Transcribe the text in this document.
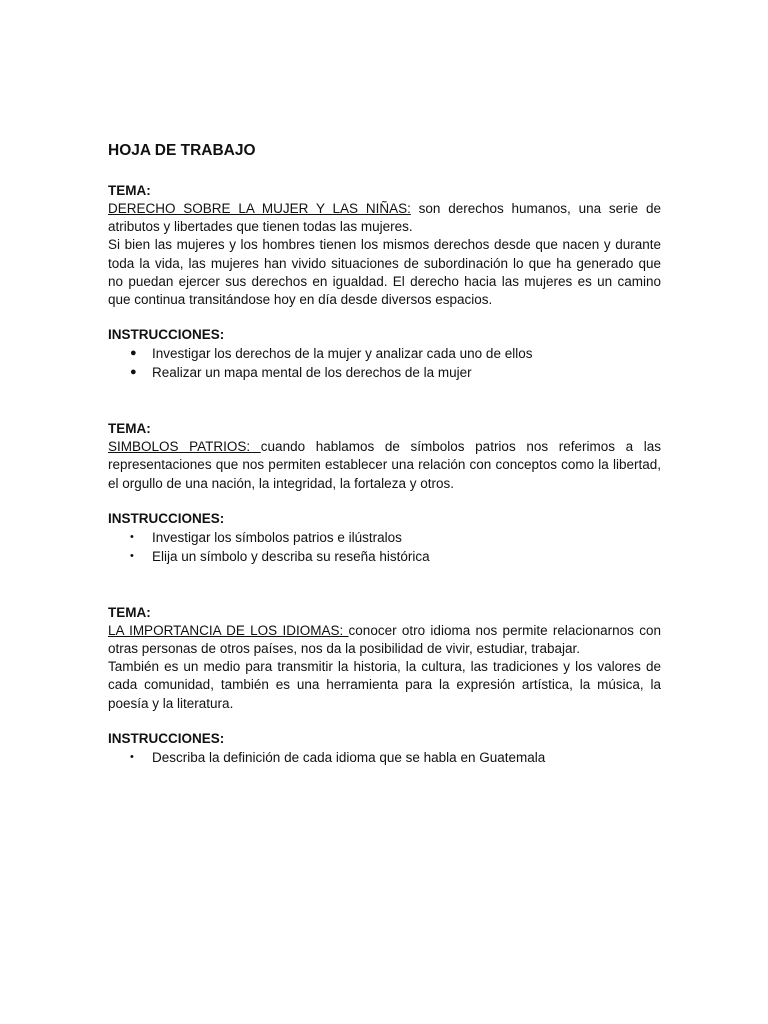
HOJA DE TRABAJO
TEMA:

DERECHO SOBRE LA MUJER Y LAS NIÑAS: son derechos humanos, una serie de atributos y libertades que tienen todas las mujeres.

Si bien las mujeres y los hombres tienen los mismos derechos desde que nacen y durante toda la vida, las mujeres han vivido situaciones de subordinación lo que ha generado que no puedan ejercer sus derechos en igualdad. El derecho hacia las mujeres es un camino que continua transitándose hoy en día desde diversos espacios.

INSTRUCCIONES:
● Investigar los derechos de la mujer y analizar cada uno de ellos
● Realizar un mapa mental de los derechos de la mujer
TEMA:

SIMBOLOS PATRIOS: cuando hablamos de símbolos patrios nos referimos a las representaciones que nos permiten establecer una relación con conceptos como la libertad, el orgullo de una nación, la integridad, la fortaleza y otros.

INSTRUCCIONES:
• Investigar los símbolos patrios e ilústralos
• Elija un símbolo y describa su reseña histórica
TEMA:

LA IMPORTANCIA DE LOS IDIOMAS: conocer otro idioma nos permite relacionarnos con otras personas de otros países, nos da la posibilidad de vivir, estudiar, trabajar.

También es un medio para transmitir la historia, la cultura, las tradiciones y los valores de cada comunidad, también es una herramienta para la expresión artística, la música, la poesía y la literatura.

INSTRUCCIONES:
• Describa la definición de cada idioma que se habla en Guatemala
